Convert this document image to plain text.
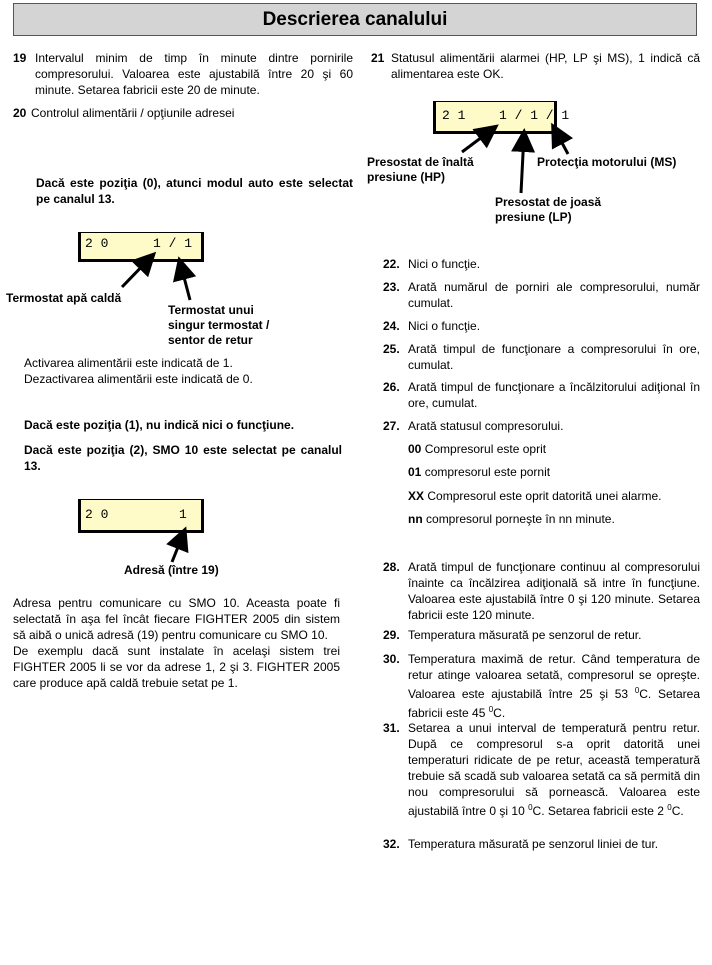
Descrierea canalului
19 Intervalul minim de timp în minute dintre pornirile compresorului. Valoarea este ajustabilă între 20 şi 60 minute. Setarea fabricii este 20 de minute.
20 Controlul alimentării / opţiunile adresei
Dacă este poziţia (0), atunci modul auto este selectat pe canalul 13.
2 0	1 / 1
Termostat apă caldă
Termostat unui singur termostat / sentor de retur
Activarea alimentării este indicată de 1.
Dezactivarea alimentării este indicată de 0.
Dacă este poziţia (1), nu indică nici o funcţiune.
Dacă este poziţia (2), SMO 10 este selectat pe canalul 13.
2 0	1
Adresă (între 19)
Adresa pentru comunicare cu SMO 10. Aceasta poate fi selectată în aşa fel încât fiecare FIGHTER 2005 din sistem să aibă o unică adresă (19) pentru comunicare cu SMO 10.
De exemplu dacă sunt instalate în acelaşi sistem trei FIGHTER 2005 li se vor da adrese 1, 2 şi 3. FIGHTER 2005 care produce apă caldă trebuie setat pe 1.
21 Statusul alimentării alarmei (HP, LP şi MS), 1 indică că alimentarea este OK.
2 1	1 / 1 / 1
Presostat de înaltă presiune (HP)
Protecţia motorului (MS)
Presostat de joasă presiune (LP)
22. Nici o funcţie.
23. Arată numărul de porniri ale compresorului, număr cumulat.
24. Nici o funcţie.
25. Arată timpul de funcţionare a compresorului în ore, cumulat.
26. Arată timpul de funcţionare a încălzitorului adiţional în ore, cumulat.
27. Arată statusul compresorului.
00 Compresorul este oprit
01 compresorul este pornit
XX Compresorul este oprit datorită unei alarme.
nn compresorul porneşte în nn minute.
28. Arată timpul de funcţionare continuu al compresorului înainte ca încălzirea adiţională să intre în funcţiune. Valoarea este ajustabilă între 0 şi 120 minute. Setarea fabricii este 120 minute.
29. Temperatura măsurată pe senzorul de retur.
30. Temperatura maximă de retur. Când temperatura de retur atinge valoarea setată, compresorul se opreşte. Valoarea este ajustabilă între 25 şi 53 $^0$C. Setarea fabricii este 45 $^0$C.
31. Setarea a unui interval de temperatură pentru retur. După ce compresorul s-a oprit datorită unei temperaturi ridicate de pe retur, această temperatură trebuie să scadă sub valoarea setată ca să permită din nou compresorului să pornească. Valoarea este ajustabilă între 0 şi 10 $^0$C. Setarea fabricii este 2 $^0$C.
32. Temperatura măsurată pe senzorul liniei de tur.
